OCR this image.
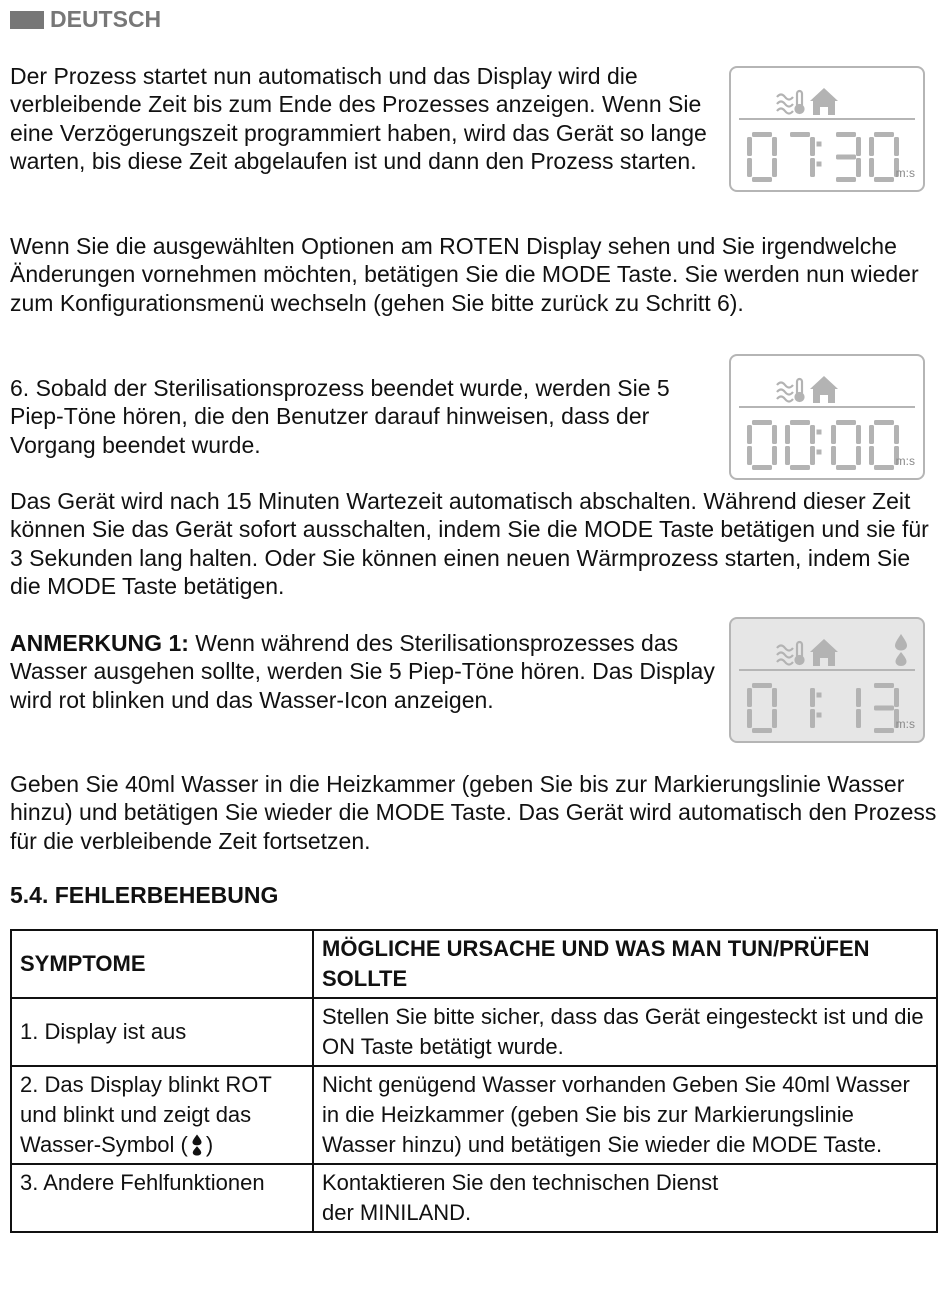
DEUTSCH

Der Prozess startet nun automatisch und das Display wird die verbleibende Zeit bis zum Ende des Prozesses anzeigen. Wenn Sie eine Verzögerungszeit programmiert haben, wird das Gerät so lange warten, bis diese Zeit abgelaufen ist und dann den Prozess starten.	m:s

Wenn Sie die ausgewählten Optionen am ROTEN Display sehen und Sie irgendwelche Änderungen vornehmen möchten, betätigen Sie die MODE Taste. Sie werden nun wieder zum Konfigurationsmenü wechseln (gehen Sie bitte zurück zu Schritt 6).

6. Sobald der Sterilisationsprozess beendet wurde, werden Sie 5 Piep-Töne hören, die den Benutzer darauf hinweisen, dass der Vorgang beendet wurde.

m:s

Das Gerät wird nach 15 Minuten Wartezeit automatisch abschalten. Während dieser Zeit können Sie das Gerät sofort ausschalten, indem Sie die MODE Taste betätigen und sie für 3 Sekunden lang halten. Oder Sie können einen neuen Wärmprozess starten, indem Sie die MODE Taste betätigen.

ANMERKUNG 1: Wenn während des Sterilisationsprozesses das Wasser ausgehen sollte, werden Sie 5 Piep-Töne hören. Das Display wird rot blinken und das Wasser-Icon anzeigen.

m:s

Geben Sie 40ml Wasser in die Heizkammer (geben Sie bis zur Markierungslinie Wasser hinzu) und betätigen Sie wieder die MODE Taste. Das Gerät wird automatisch den Prozess für die verbleibende Zeit fortsetzen.

5.4. FEHLERBEHEBUNG
SYMPTOME	MÖGLICHE URSACHE UND WAS MAN TUN/PRÜFEN SOLLTE
1. Display ist aus	Stellen Sie bitte sicher, dass das Gerät eingesteckt ist und die ON Taste betätigt wurde.
2. Das Display blinkt ROT und blinkt und zeigt das Wasser-Symbol ( )	Nicht genügend Wasser vorhanden Geben Sie 40ml Wasser in die Heizkammer (geben Sie bis zur Markierungslinie Wasser hinzu) und betätigen Sie wieder die MODE Taste.
3. Andere Fehlfunktionen	Kontaktieren Sie den technischen Dienst
der MINILAND.
